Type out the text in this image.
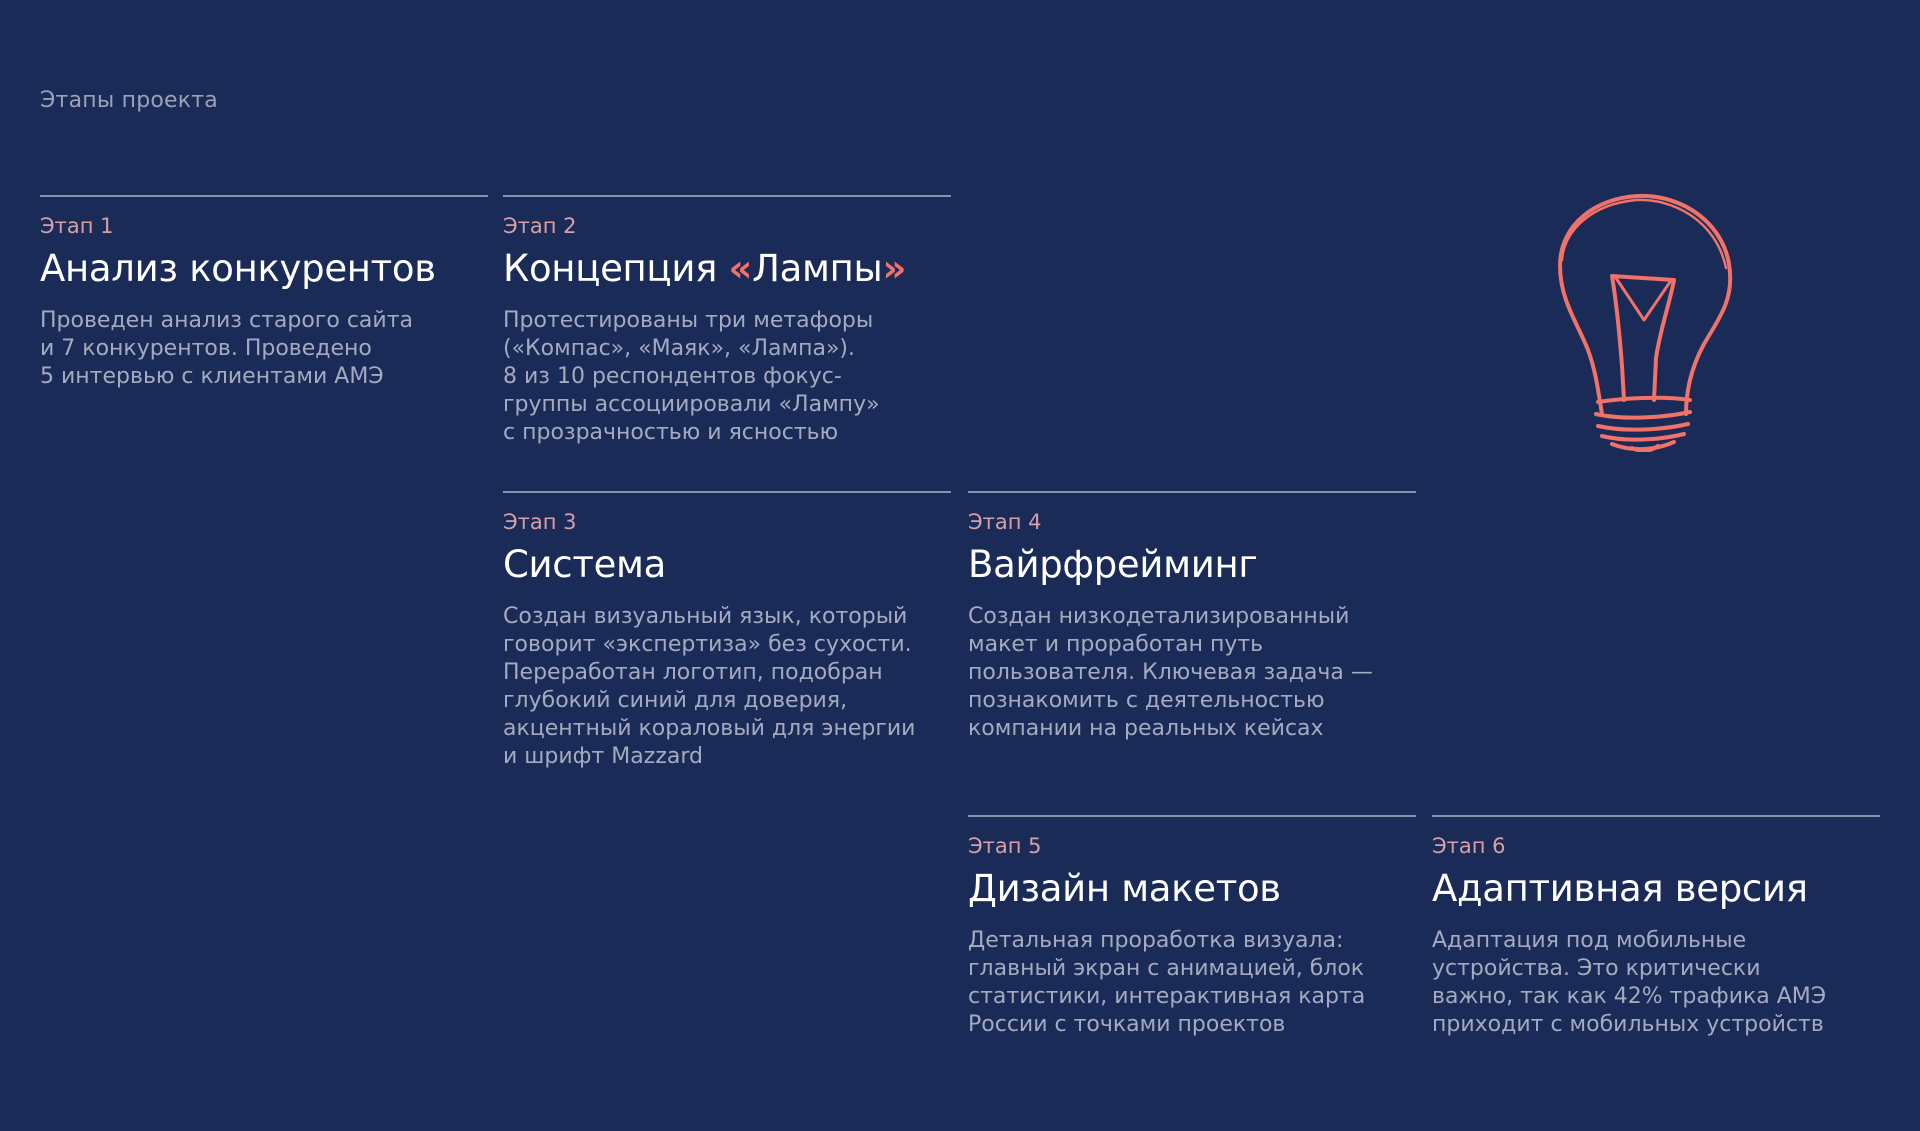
Этапы проекта
Этап 1
Анализ конкурентов
Проведен анализ старого сайта
и 7 конкурентов. Проведено
5 интервью с клиентами АМЭ
Этап 2
Концепция «Лампы»
Протестированы три метафоры
(«Компас», «Маяк», «Лампа»).
8 из 10 респондентов фокус-
группы ассоциировали «Лампу»
с прозрачностью и ясностью
Этап 3
Система
Создан визуальный язык, который
говорит «экспертиза» без сухости.
Переработан логотип, подобран
глубокий синий для доверия,
акцентный кораловый для энергии
и шрифт Mazzard
Этап 4
Вайрфрейминг
Создан низкодетализированный
макет и проработан путь
пользователя. Ключевая задача —
познакомить с деятельностью
компании на реальных кейсах
Этап 5
Дизайн макетов
Детальная проработка визуала:
главный экран с анимацией, блок
статистики, интерактивная карта
России с точками проектов
Этап 6
Адаптивная версия
Адаптация под мобильные
устройства. Это критически
важно, так как 42% трафика АМЭ
приходит с мобильных устройств
